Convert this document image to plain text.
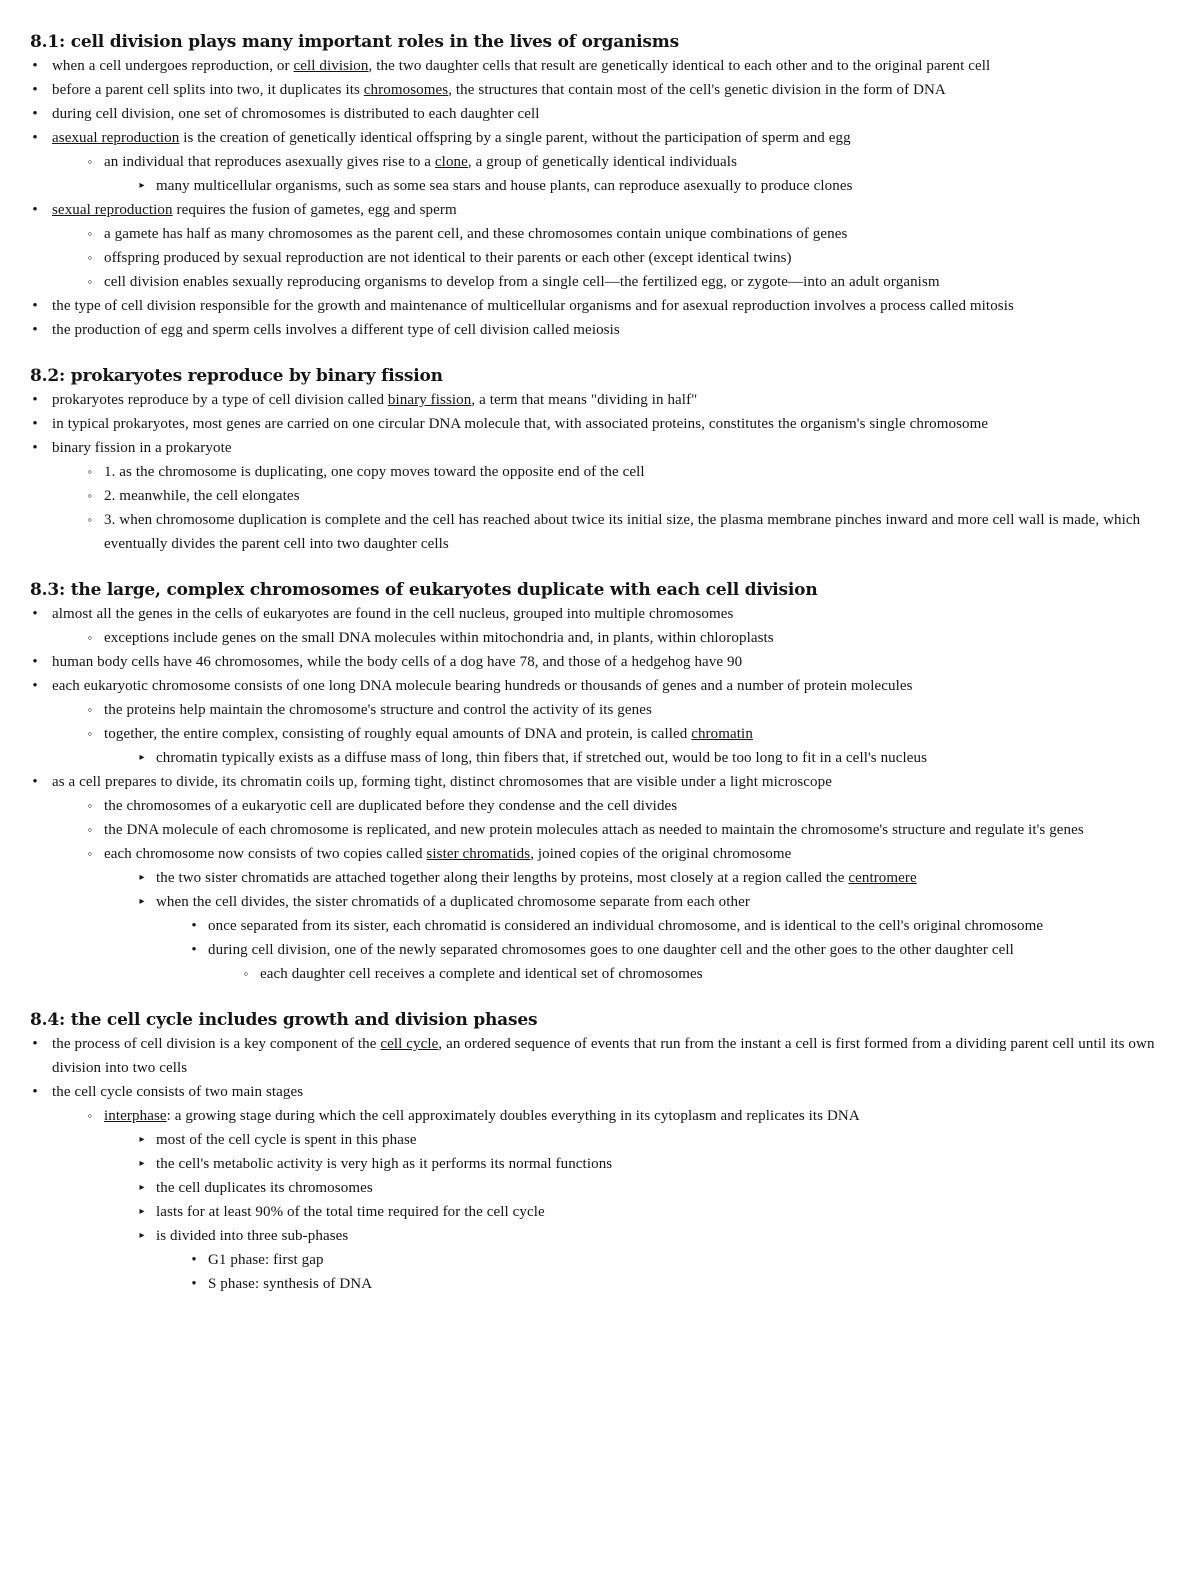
8.1: cell division plays many important roles in the lives of organisms
• when a cell undergoes reproduction, or cell division, the two daughter cells that result are genetically identical to each other and to the original parent cell
• before a parent cell splits into two, it duplicates its chromosomes, the structures that contain most of the cell's genetic division in the form of DNA
• during cell division, one set of chromosomes is distributed to each daughter cell
• asexual reproduction is the creation of genetically identical offspring by a single parent, without the participation of sperm and egg
◦ an individual that reproduces asexually gives rise to a clone, a group of genetically identical individuals
▸ many multicellular organisms, such as some sea stars and house plants, can reproduce asexually to produce clones
• sexual reproduction requires the fusion of gametes, egg and sperm
◦ a gamete has half as many chromosomes as the parent cell, and these chromosomes contain unique combinations of genes
◦ offspring produced by sexual reproduction are not identical to their parents or each other (except identical twins)
◦ cell division enables sexually reproducing organisms to develop from a single cell—the fertilized egg, or zygote—into an adult organism
• the type of cell division responsible for the growth and maintenance of multicellular organisms and for asexual reproduction involves a process called mitosis
• the production of egg and sperm cells involves a different type of cell division called meiosis
8.2: prokaryotes reproduce by binary fission
• prokaryotes reproduce by a type of cell division called binary fission, a term that means "dividing in half"
• in typical prokaryotes, most genes are carried on one circular DNA molecule that, with associated proteins, constitutes the organism's single chromosome
• binary fission in a prokaryote
◦ 1. as the chromosome is duplicating, one copy moves toward the opposite end of the cell
◦ 2. meanwhile, the cell elongates
◦ 3. when chromosome duplication is complete and the cell has reached about twice its initial size, the plasma membrane pinches inward and more cell wall is made, which eventually divides the parent cell into two daughter cells
8.3: the large, complex chromosomes of eukaryotes duplicate with each cell division
• almost all the genes in the cells of eukaryotes are found in the cell nucleus, grouped into multiple chromosomes
◦ exceptions include genes on the small DNA molecules within mitochondria and, in plants, within chloroplasts
• human body cells have 46 chromosomes, while the body cells of a dog have 78, and those of a hedgehog have 90
• each eukaryotic chromosome consists of one long DNA molecule bearing hundreds or thousands of genes and a number of protein molecules
◦ the proteins help maintain the chromosome's structure and control the activity of its genes
◦ together, the entire complex, consisting of roughly equal amounts of DNA and protein, is called chromatin
▸ chromatin typically exists as a diffuse mass of long, thin fibers that, if stretched out, would be too long to fit in a cell's nucleus
• as a cell prepares to divide, its chromatin coils up, forming tight, distinct chromosomes that are visible under a light microscope
◦ the chromosomes of a eukaryotic cell are duplicated before they condense and the cell divides
◦ the DNA molecule of each chromosome is replicated, and new protein molecules attach as needed to maintain the chromosome's structure and regulate it's genes
◦ each chromosome now consists of two copies called sister chromatids, joined copies of the original chromosome
▸ the two sister chromatids are attached together along their lengths by proteins, most closely at a region called the centromere
▸ when the cell divides, the sister chromatids of a duplicated chromosome separate from each other
• once separated from its sister, each chromatid is considered an individual chromosome, and is identical to the cell's original chromosome
• during cell division, one of the newly separated chromosomes goes to one daughter cell and the other goes to the other daughter cell
◦ each daughter cell receives a complete and identical set of chromosomes
8.4: the cell cycle includes growth and division phases
• the process of cell division is a key component of the cell cycle, an ordered sequence of events that run from the instant a cell is first formed from a dividing parent cell until its own division into two cells
• the cell cycle consists of two main stages
◦ interphase: a growing stage during which the cell approximately doubles everything in its cytoplasm and replicates its DNA
▸ most of the cell cycle is spent in this phase
▸ the cell's metabolic activity is very high as it performs its normal functions
▸ the cell duplicates its chromosomes
▸ lasts for at least 90% of the total time required for the cell cycle
▸ is divided into three sub-phases
• G1 phase: first gap
• S phase: synthesis of DNA
